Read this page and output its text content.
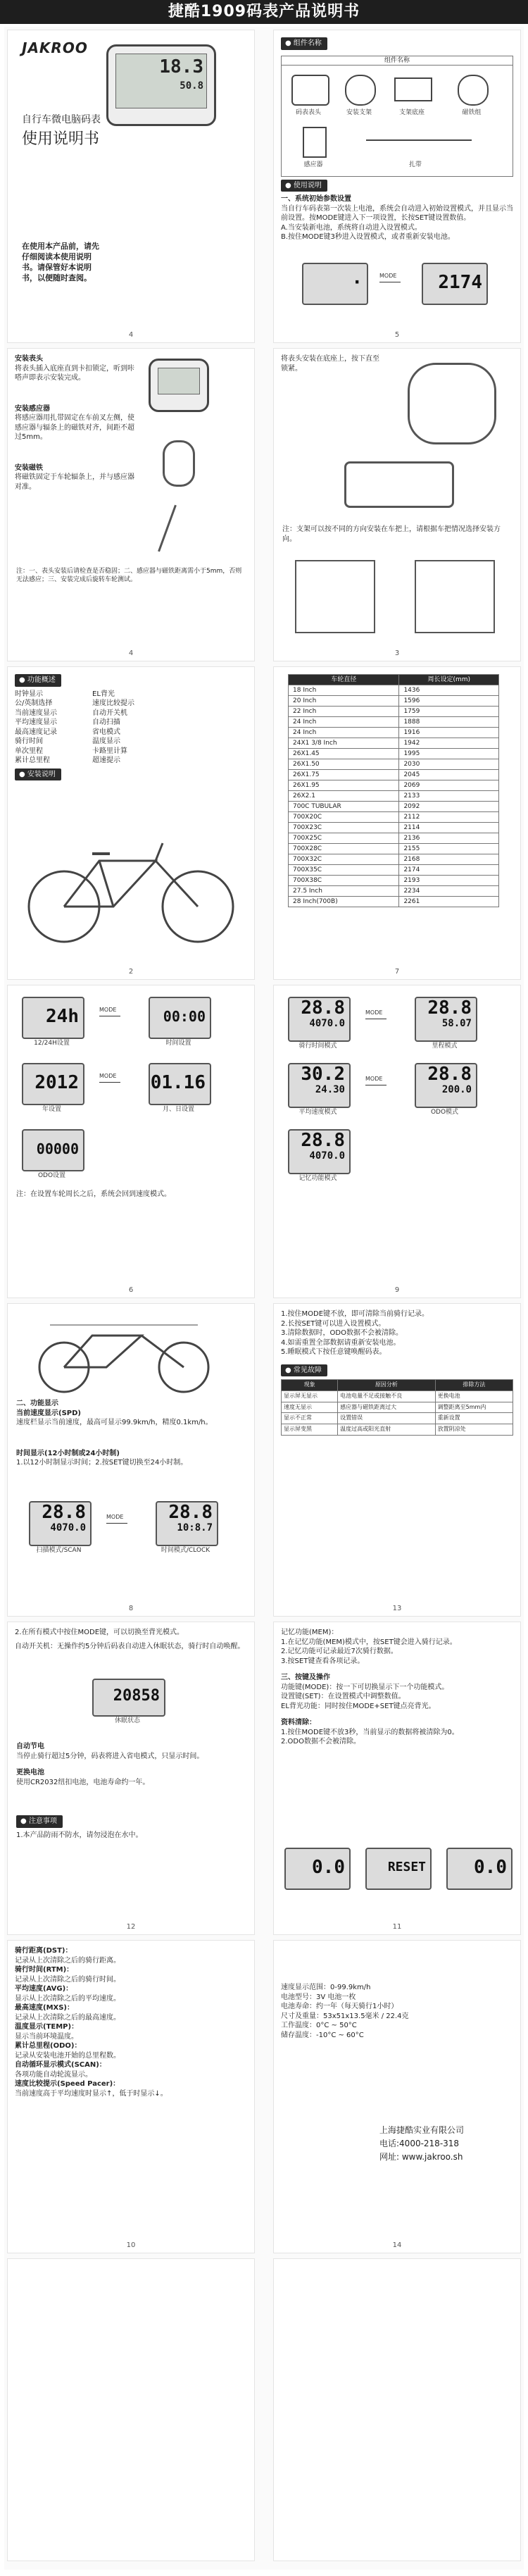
捷酷1909码表产品说明书
JAKROO
自行车微电脑码表
使用说明书
18.3
50.8
在使用本产品前，请先仔细阅读本使用说明书。请保管好本说明书，以便随时查阅。
4
● 组件名称
组件名称
码表表头	安装支架	支架底座	磁铁组
感应器	扎带
● 使用说明
一、系统初始参数设置
当自行车码表第一次装上电池，系统会自动进入初始设置模式，并且显示当前设置。按MODE键进入下一项设置，长按SET键设置数值。
A.当安装新电池，系统将自动进入设置模式。
B.按住MODE键3秒进入设置模式，或者重新安装电池。
·	MODE	2174
5
安装表头
将表头插入底座直到卡扣锁定，听到咔嗒声即表示安装完成。
安装感应器
将感应器用扎带固定在车前叉左侧，使感应器与辐条上的磁铁对齐，间距不超过5mm。
安装磁铁
将磁铁固定于车轮辐条上，并与感应器对准。
注：一、表头安装后请检查是否稳固；二、感应器与磁铁距离需小于5mm，否则无法感应；三、安装完成后旋转车轮测试。
4
将表头安装在底座上，按下直至锁紧。
注：支架可以按不同的方向安装在车把上，请根据车把情况选择安装方向。
3
● 功能概述
时钟显示
公/英制选择
当前速度显示
平均速度显示
最高速度记录
骑行时间
单次里程
累计总里程
EL背光
速度比较提示
自动开关机
自动扫描
省电模式
温度显示
卡路里计算
超速提示
● 安装说明
2
车轮直径	周长设定(mm)
18 Inch	1436
20 Inch	1596
22 Inch	1759
24 Inch	1888
24 Inch	1916
24X1 3/8 Inch	1942
26X1.45	1995
26X1.50	2030
26X1.75	2045
26X1.95	2069
26X2.1	2133
700C TUBULAR	2092
700X20C	2112
700X23C	2114
700X25C	2136
700X28C	2155
700X32C	2168
700X35C	2174
700X38C	2193
27.5 Inch	2234
28 Inch(700B)	2261
7
24h	MODE	00:00
12/24H设置	时间设置
2012	MODE 01.16
年设置	月、日设置
00000
ODO设置
注：在设置车轮周长之后，系统会回到速度模式。
6
28.8
4070.0
MODE	28.8
58.07
骑行时间模式	里程模式
30.2
24.30
MODE	28.8
200.0
平均速度模式	ODO模式
28.8
4070.0
记忆功能模式
9
二、功能显示
当前速度显示(SPD)
速度栏显示当前速度，最高可显示99.9km/h，精度0.1km/h。
时间显示(12小时制或24小时制)
1.以12小时制显示时间；2.按SET键切换至24小时制。
28.8
4070.0
MODE	28.8
10:8.7
扫描模式/SCAN	时间模式/CLOCK
8
1.按住MODE键不放，即可清除当前骑行记录。
2.长按SET键可以进入设置模式。
3.清除数据时，ODO数据不会被清除。
4.如需重置全部数据请重新安装电池。
5.睡眠模式下按任意键唤醒码表。
● 常见故障
现象	原因分析	排除方法
显示屏无显示	电池电量不足或接触不良	更换电池
速度无显示	感应器与磁铁距离过大	调整距离至5mm内
显示不正常	设置错误	重新设置
显示屏变黑	温度过高或阳光直射	放置阴凉处
13
2.在所有模式中按住MODE键，可以切换至背光模式。
自动开关机：无操作约5分钟后码表自动进入休眠状态，骑行时自动唤醒。
20858
休眠状态
自动节电
当停止骑行超过5分钟，码表将进入省电模式，只显示时间。
更换电池
使用CR2032纽扣电池，电池寿命约一年。
● 注意事项
1.本产品防雨不防水，请勿浸泡在水中。
12
记忆功能(MEM)：
1.在记忆功能(MEM)模式中，按SET键会进入骑行记录。
2.记忆功能可记录最近7次骑行数据。
3.按SET键查看各项记录。
三、按键及操作
功能键(MODE)：按一下可切换显示下一个功能模式。
设置键(SET)：在设置模式中调整数值。
EL背光功能：同时按住MODE+SET键点亮背光。
资料清除：
1.按住MODE键不放3秒，当前显示的数据将被清除为0。
2.ODO数据不会被清除。
0.0	RESET	0.0
11
骑行距离(DST)：
记录从上次清除之后的骑行距离。
骑行时间(RTM)：
记录从上次清除之后的骑行时间。
平均速度(AVG)：
显示从上次清除之后的平均速度。
最高速度(MXS)：
记录从上次清除之后的最高速度。
温度显示(TEMP)：
显示当前环境温度。
累计总里程(ODO)：
记录从安装电池开始的总里程数。
自动循环显示模式(SCAN)：
各项功能自动轮流显示。
速度比较提示(Speed Pacer)：
当前速度高于平均速度时显示↑，低于时显示↓。
10
速度显示范围：0-99.9km/h
电池型号：3V 电池一枚
电池寿命：约一年（每天骑行1小时）
尺寸及重量：53x51x13.5毫米 / 22.4克
工作温度：0°C ~ 50°C
储存温度：-10°C ~ 60°C
上海捷酷实业有限公司
电话:4000-218-318
网址: www.jakroo.sh
14
